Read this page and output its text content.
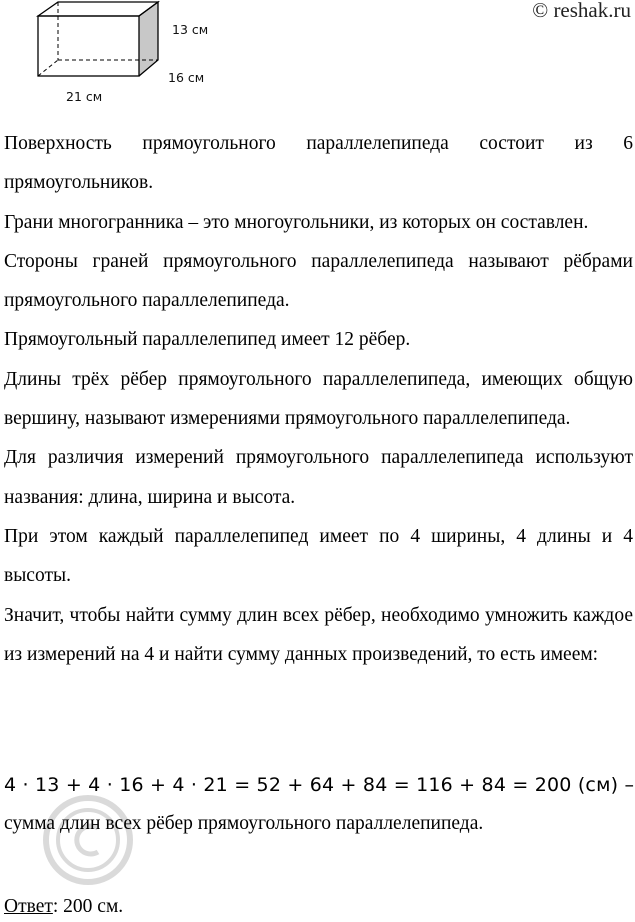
13 см
16 см
21 см
© reshak.ru

Поверхность прямоугольного параллелепипеда состоит из 6 прямоугольников.

Грани многогранника – это многоугольники, из которых он составлен.

Стороны граней прямоугольного параллелепипеда называют рёбрами прямоугольного параллелепипеда.

Прямоугольный параллелепипед имеет 12 рёбер.

Длины трёх рёбер прямоугольного параллелепипеда, имеющих общую вершину, называют измерениями прямоугольного параллелепипеда.

Для различия измерений прямоугольного параллелепипеда используют названия: длина, ширина и высота.

При этом каждый параллелепипед имеет по 4 ширины, 4 длины и 4 высоты.

Значит, чтобы найти сумму длин всех рёбер, необходимо умножить каждое из измерений на 4 и найти сумму данных произведений, то есть имеем:

4 · 13 + 4 · 16 + 4 · 21 = 52 + 64 + 84 = 116 + 84 = 200 (см) –
сумма длин всех рёбер прямоугольного параллелепипеда.
Ответ: 200 см.
